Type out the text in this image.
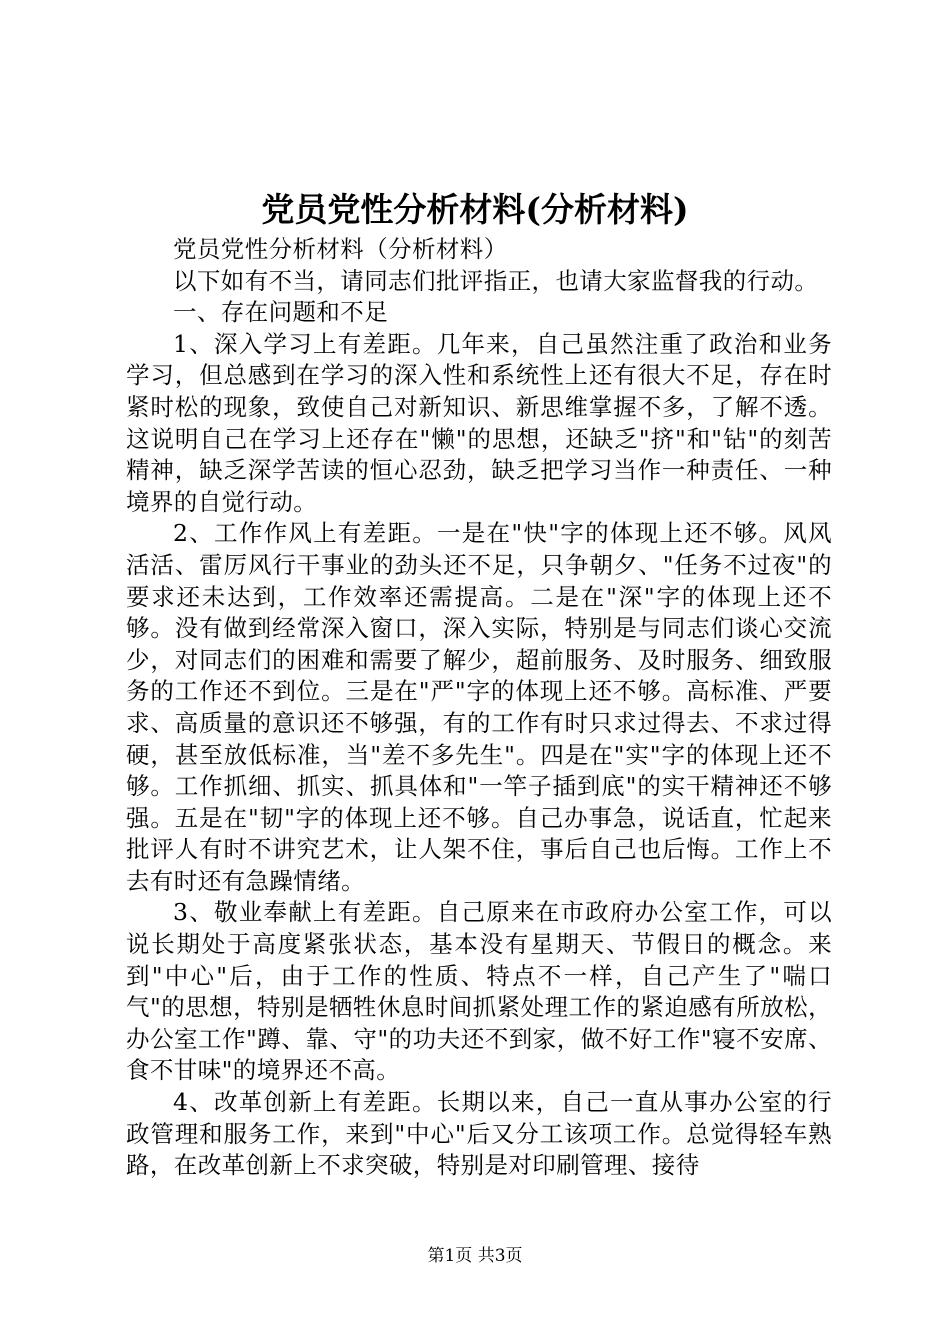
党员党性分析材料(分析材料)

党员党性分析材料（分析材料）

以下如有不当，请同志们批评指正，也请大家监督我的行动。

一、存在问题和不足

1、深入学习上有差距。几年来，自己虽然注重了政治和业务学习，但总感到在学习的深入性和系统性上还有很大不足，存在时紧时松的现象，致使自己对新知识、新思维掌握不多，了解不透。这说明自己在学习上还存在"懒"的思想，还缺乏"挤"和"钻"的刻苦精神，缺乏深学苦读的恒心忍劲，缺乏把学习当作一种责任、一种境界的自觉行动。

2、工作作风上有差距。一是在"快"字的体现上还不够。风风活活、雷厉风行干事业的劲头还不足，只争朝夕、"任务不过夜"的要求还未达到，工作效率还需提高。二是在"深"字的体现上还不够。没有做到经常深入窗口，深入实际，特别是与同志们谈心交流少，对同志们的困难和需要了解少，超前服务、及时服务、细致服务的工作还不到位。三是在"严"字的体现上还不够。高标准、严要求、高质量的意识还不够强，有的工作有时只求过得去、不求过得硬，甚至放低标准，当"差不多先生"。四是在"实"字的体现上还不够。工作抓细、抓实、抓具体和"一竿子插到底"的实干精神还不够强。五是在"韧"字的体现上还不够。自己办事急，说话直，忙起来批评人有时不讲究艺术，让人架不住，事后自己也后悔。工作上不去有时还有急躁情绪。

3、敬业奉献上有差距。自己原来在市政府办公室工作，可以说长期处于高度紧张状态，基本没有星期天、节假日的概念。来到"中心"后，由于工作的性质、特点不一样，自己产生了"喘口气"的思想，特别是牺牲休息时间抓紧处理工作的紧迫感有所放松，办公室工作"蹲、靠、守"的功夫还不到家，做不好工作"寝不安席、食不甘味"的境界还不高。

4、改革创新上有差距。长期以来，自己一直从事办公室的行政管理和服务工作，来到"中心"后又分工该项工作。总觉得轻车熟路，在改革创新上不求突破，特别是对印刷管理、接待

第1页 共3页
